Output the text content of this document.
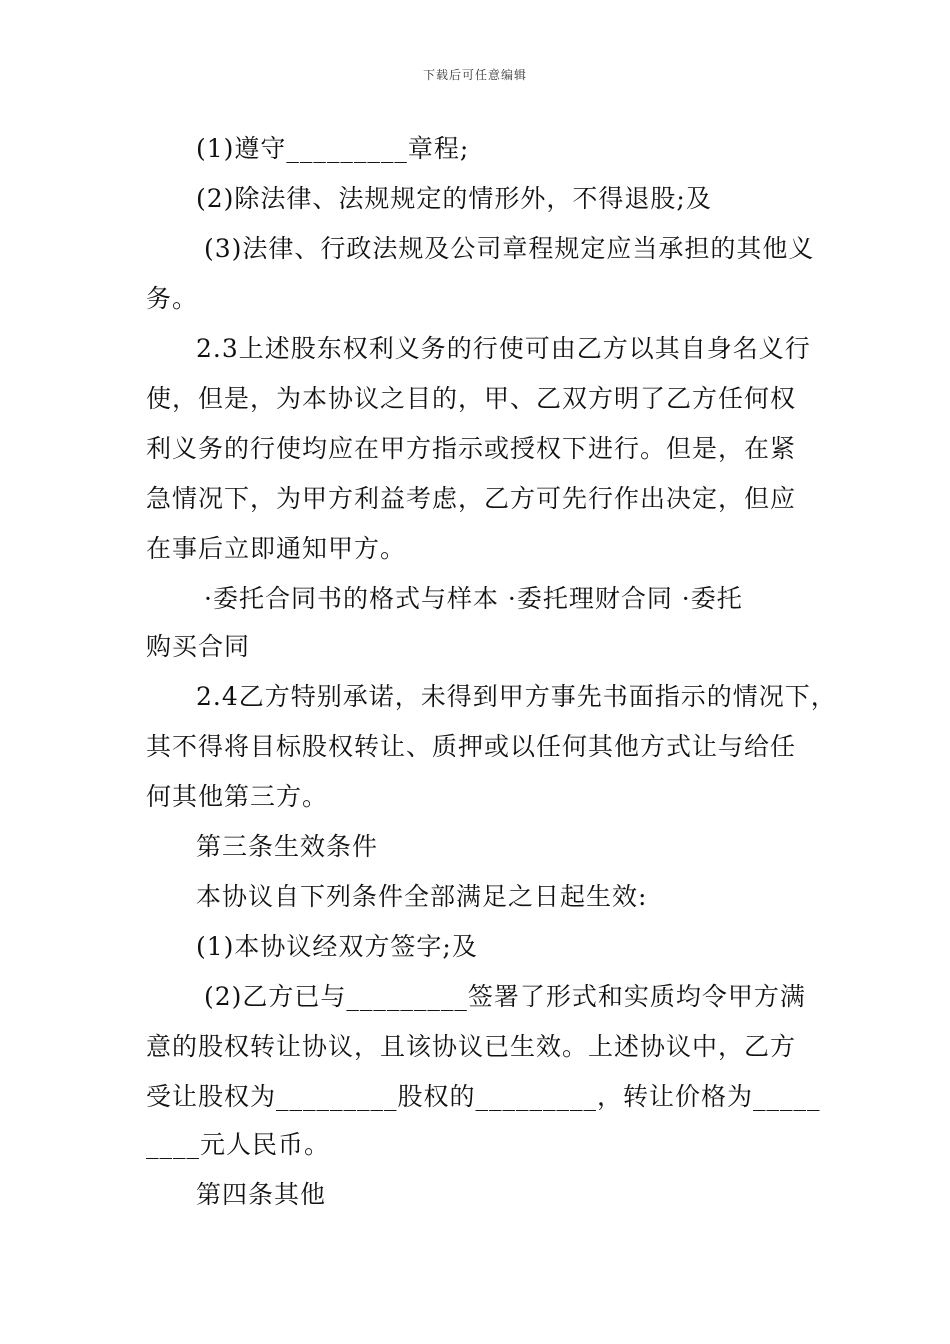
下载后可任意编辑
(1)遵守_________章程;
(2)除法律、法规规定的情形外，不得退股;及
(3)法律、行政法规及公司章程规定应当承担的其他义
务。
2.3上述股东权利义务的行使可由乙方以其自身名义行
使，但是，为本协议之目的，甲、乙双方明了乙方任何权
利义务的行使均应在甲方指示或授权下进行。但是，在紧
急情况下，为甲方利益考虑，乙方可先行作出决定，但应
在事后立即通知甲方。
·委托合同书的格式与样本 ·委托理财合同 ·委托
购买合同
2.4乙方特别承诺，未得到甲方事先书面指示的情况下，
其不得将目标股权转让、质押或以任何其他方式让与给任
何其他第三方。
第三条生效条件
本协议自下列条件全部满足之日起生效:
(1)本协议经双方签字;及
(2)乙方已与_________签署了形式和实质均令甲方满
意的股权转让协议，且该协议已生效。上述协议中，乙方
受让股权为_________股权的_________，转让价格为_____
____元人民币。
第四条其他
